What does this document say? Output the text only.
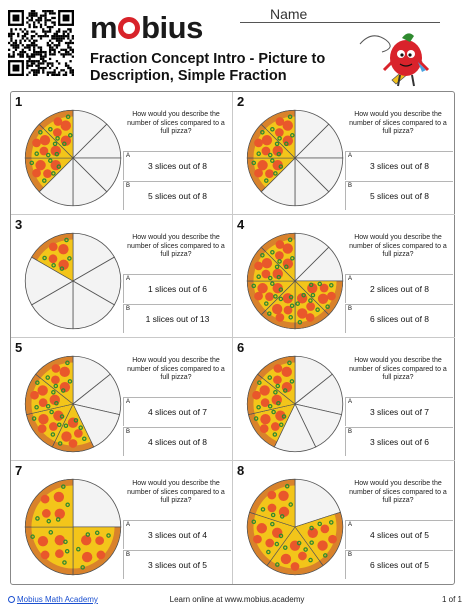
m bius
Fraction Concept Intro - Picture to Description, Simple Fraction
Name
1
How would you describe the number of slices compared to a full pizza?
A
3 slices out of 8
B
5 slices out of 8
2
How would you describe the number of slices compared to a full pizza?
A
3 slices out of 8
B
5 slices out of 8
3
How would you describe the number of slices compared to a full pizza?
A
1 slices out of 6
B
1 slices out of 13
4
How would you describe the number of slices compared to a full pizza?
A
2 slices out of 8
B
6 slices out of 8
5
How would you describe the number of slices compared to a full pizza?
A
4 slices out of 7
B
4 slices out of 8
6
How would you describe the number of slices compared to a full pizza?
A
3 slices out of 7
B
3 slices out of 6
7
How would you describe the number of slices compared to a full pizza?
A
3 slices out of 4
B
3 slices out of 5
8
How would you describe the number of slices compared to a full pizza?
A
4 slices out of 5
B
6 slices out of 5
Mobius Math Academy	Learn online at www.mobius.academy	1 of 1
